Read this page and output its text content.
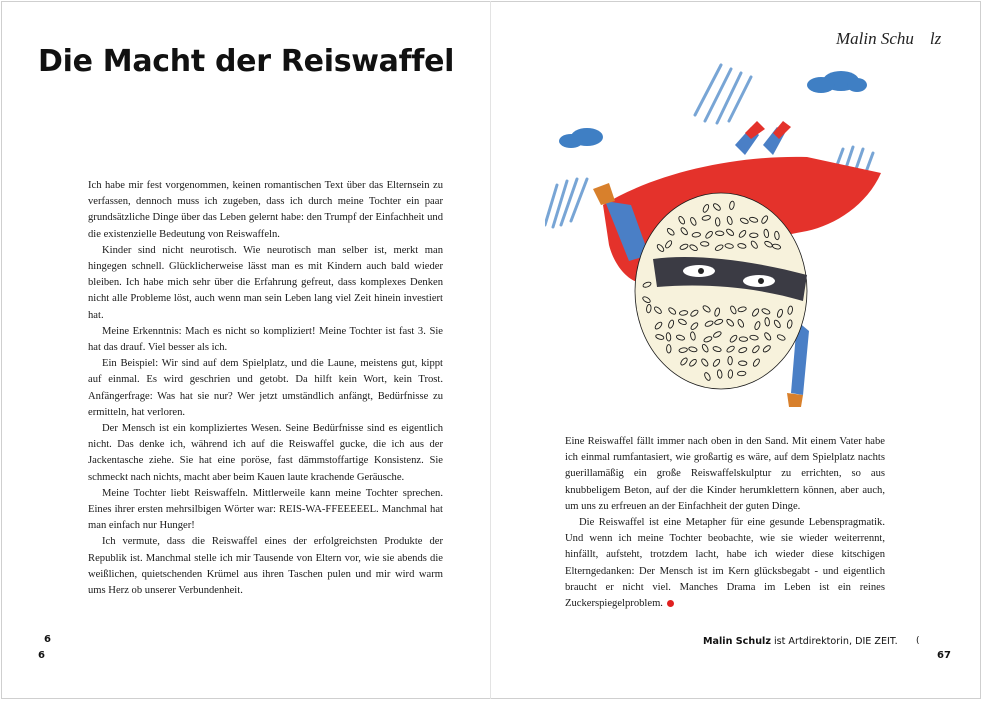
Die Macht der Reiswaffel
Malin Schu lz

Ich habe mir fest vorgenommen, keinen romantischen Text über das Elternsein zu verfassen, dennoch muss ich zugeben, dass ich durch meine Tochter ein paar grundsätzliche Dinge über das Leben gelernt habe: den Trumpf der Einfachheit und die existenzielle Bedeutung von Reiswaffeln.

Kinder sind nicht neurotisch. Wie neurotisch man selber ist, merkt man hingegen schnell. Glücklicherweise lässt man es mit Kindern auch bald wieder bleiben. Ich habe mich sehr über die Erfahrung gefreut, dass komplexes Denken nicht alle Probleme löst, auch wenn man sein Leben lang viel Zeit hinein investiert hat.

Meine Erkenntnis: Mach es nicht so kompliziert! Meine Tochter ist fast 3. Sie hat das drauf. Viel besser als ich.

Ein Beispiel: Wir sind auf dem Spielplatz, und die Laune, meistens gut, kippt auf einmal. Es wird geschrien und getobt. Da hilft kein Wort, kein Trost. Anfängerfrage: Was hat sie nur? Wer jetzt umständlich anfängt, Bedürfnisse zu ermitteln, hat verloren.

Der Mensch ist ein kompliziertes Wesen. Seine Bedürfnisse sind es eigentlich nicht. Das denke ich, während ich auf die Reiswaffel gucke, die ich aus der Jackentasche ziehe. Sie hat eine poröse, fast dämmstoffartige Konsistenz. Sie schmeckt nach nichts, macht aber beim Kauen laute krachende Geräusche.

Meine Tochter liebt Reiswaffeln. Mittlerweile kann meine Tochter sprechen. Eines ihrer ersten mehrsilbigen Wörter war: REIS-WA-FFEEEEEL. Manchmal hat man einfach nur Hunger!

Ich vermute, dass die Reiswaffel eines der erfolgreichsten Produkte der Republik ist. Manchmal stelle ich mir Tausende von Eltern vor, wie sie abends die weißlichen, quietschenden Krümel aus ihren Taschen pulen und mir wird warm ums Herz ob unserer Verbundenheit.

Eine Reiswaffel fällt immer nach oben in den Sand. Mit einem Vater habe ich einmal rumfantasiert, wie großartig es wäre, auf dem Spielplatz nachts guerillamäßig ein große Reiswaffelskulptur zu errichten, so aus knubbeligem Beton, auf der die Kinder herumklettern können, aber auch, um uns zu erfreuen an der Einfachheit der guten Dinge.

Die Reiswaffel ist eine Metapher für eine gesunde Lebenspragmatik. Und wenn ich meine Tochter beobachte, wie sie wieder weiterrennt, hinfällt, aufsteht, trotzdem lacht, habe ich wieder diese kitschigen Elterngedanken: Der Mensch ist im Kern glücksbegabt - und eigentlich braucht er nicht viel. Manches Drama im Leben ist ein reines Zuckerspiegelproblem.

6
6
(
67
Malin Schulz ist Artdirektorin, DIE ZEIT.
